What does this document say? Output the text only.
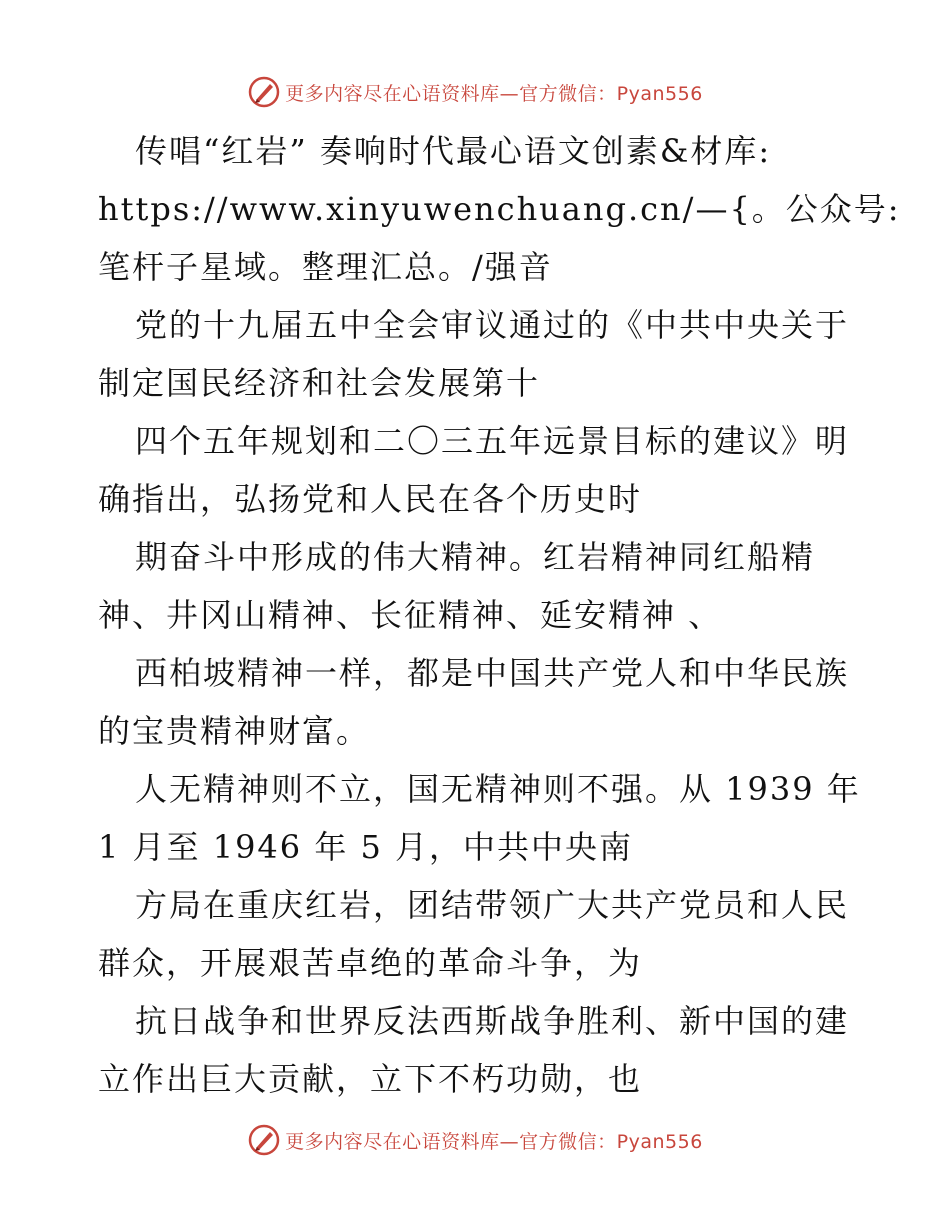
更多内容尽在心语资料库—官方微信：Pyan556
传唱“红岩” 奏响时代最心语文创素&材库:
https://www.xinyuwenchuang.cn/—{。公众号:
笔杆子星域。整理汇总。/强音
党的十九届五中全会审议通过的《中共中央关于
制定国民经济和社会发展第十
四个五年规划和二〇三五年远景目标的建议》明
确指出，弘扬党和人民在各个历史时
期奋斗中形成的伟大精神。红岩精神同红船精
神、井冈山精神、长征精神、延安精神 、
西柏坡精神一样，都是中国共产党人和中华民族
的宝贵精神财富。
人无精神则不立，国无精神则不强。从 1939 年
1 月至 1946 年 5 月，中共中央南
方局在重庆红岩，团结带领广大共产党员和人民
群众，开展艰苦卓绝的革命斗争，为
抗日战争和世界反法西斯战争胜利、新中国的建
立作出巨大贡献，立下不朽功勋，也
更多内容尽在心语资料库—官方微信：Pyan556
